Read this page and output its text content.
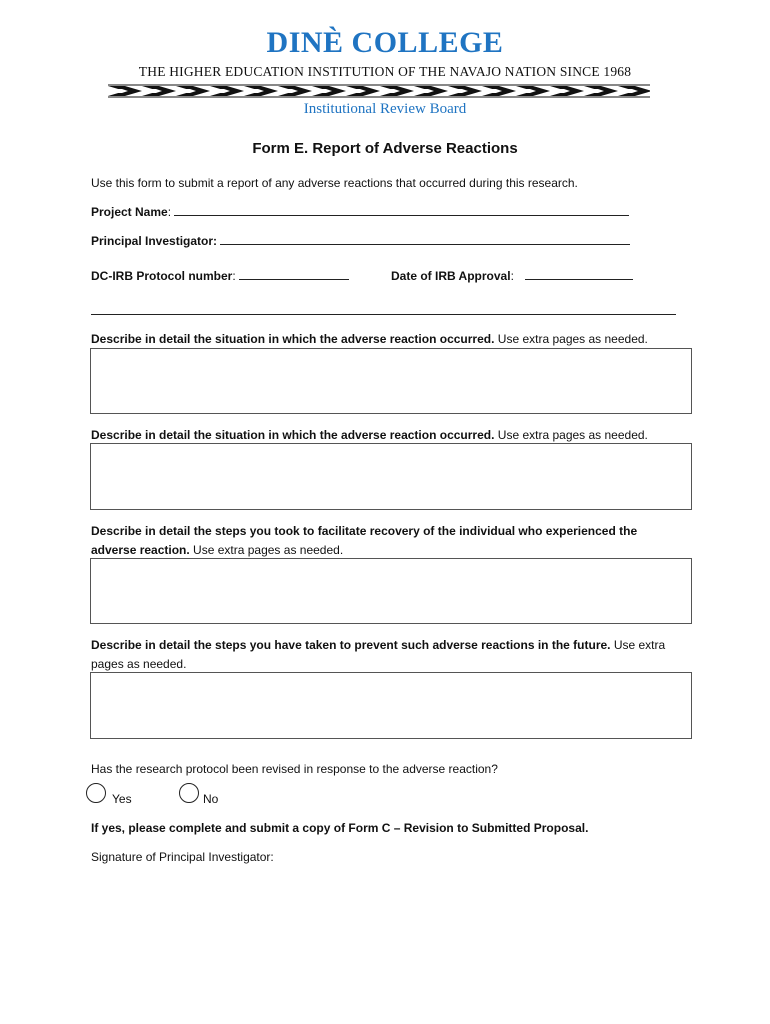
DINÈ COLLEGE
THE HIGHER EDUCATION INSTITUTION OF THE NAVAJO NATION SINCE 1968
Institutional Review Board
Form E. Report of Adverse Reactions
Use this form to submit a report of any adverse reactions that occurred during this research.
Project Name:
Principal Investigator:
DC-IRB Protocol number:	Date of IRB Approval:
Describe in detail the situation in which the adverse reaction occurred. Use extra pages as needed.
Describe in detail the situation in which the adverse reaction occurred. Use extra pages as needed.
Describe in detail the steps you took to facilitate recovery of the individual who experienced the
adverse reaction. Use extra pages as needed.
Describe in detail the steps you have taken to prevent such adverse reactions in the future. Use extra
pages as needed.
Has the research protocol been revised in response to the adverse reaction?
Yes	No
If yes, please complete and submit a copy of Form C – Revision to Submitted Proposal.
Signature of Principal Investigator:
